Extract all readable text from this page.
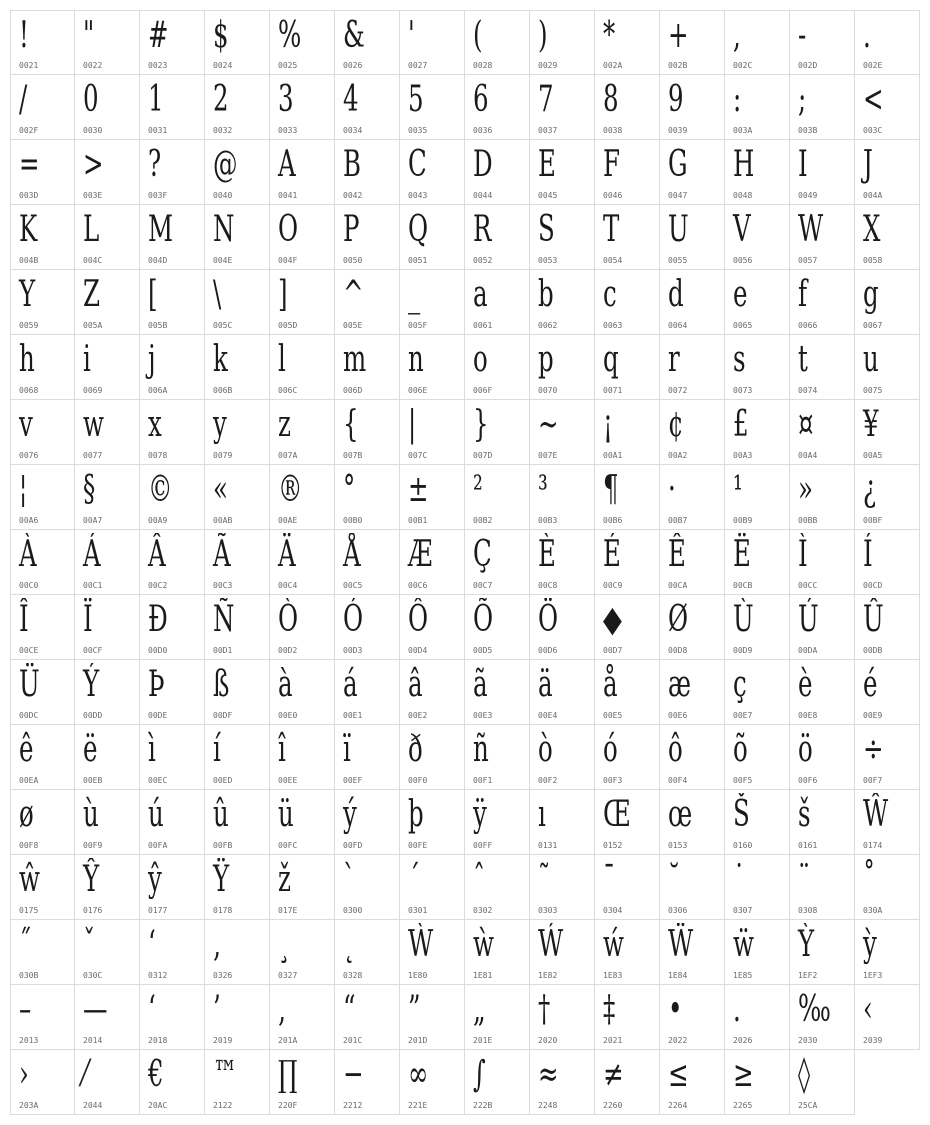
!
0021
"
0022
#
0023
$
0024
%
0025
&
0026
'
0027
(
0028
)
0029
*
002A
+
002B
,
002C
-
002D
.
002E
/
002F
0
0030
1
0031
2
0032
3
0033
4
0034
5
0035
6
0036
7
0037
8
0038
9
0039
:
003A
;
003B
<
003C
=
003D
>
003E
?
003F
@
0040
A
0041
B
0042
C
0043
D
0044
E
0045
F
0046
G
0047
H
0048
I
0049
J
004A
K
004B
L
004C
M
004D
N
004E
O
004F
P
0050
Q
0051
R
0052
S
0053
T
0054
U
0055
V
0056
W
0057
X
0058
Y
0059
Z
005A
[
005B
\
005C
]
005D
^
005E
_
005F
a
0061
b
0062
c
0063
d
0064
e
0065
f
0066
g
0067
h
0068
i
0069
j
006A
k
006B
l
006C
m
006D
n
006E
o
006F
p
0070
q
0071
r
0072
s
0073
t
0074
u
0075
v
0076
w
0077
x
0078
y
0079
z
007A
{
007B
|
007C
}
007D
~
007E
¡
00A1
¢
00A2
£
00A3
¤
00A4
¥
00A5
¦
00A6
§
00A7
©
00A9
«
00AB
®
00AE
°
00B0
±
00B1
²
00B2
³
00B3
¶
00B6
·
00B7
¹
00B9
»
00BB
¿
00BF
À
00C0
Á
00C1
Â
00C2
Ã
00C3
Ä
00C4
Å
00C5
Æ
00C6
Ç
00C7
È
00C8
É
00C9
Ê
00CA
Ë
00CB
Ì
00CC
Í
00CD
Î
00CE
Ï
00CF
Ð
00D0
Ñ
00D1
Ò
00D2
Ó
00D3
Ô
00D4
Õ
00D5
Ö
00D6
◆
00D7
Ø
00D8
Ù
00D9
Ú
00DA
Û
00DB
Ü
00DC
Ý
00DD
Þ
00DE
ß
00DF
à
00E0
á
00E1
â
00E2
ã
00E3
ä
00E4
å
00E5
æ
00E6
ç
00E7
è
00E8
é
00E9
ê
00EA
ë
00EB
ì
00EC
í
00ED
î
00EE
ï
00EF
ð
00F0
ñ
00F1
ò
00F2
ó
00F3
ô
00F4
õ
00F5
ö
00F6
÷
00F7
ø
00F8
ù
00F9
ú
00FA
û
00FB
ü
00FC
ý
00FD
þ
00FE
ÿ
00FF
ı
0131
Œ
0152
œ
0153
Š
0160
š
0161
Ŵ
0174
ŵ
0175
Ŷ
0176
ŷ
0177
Ÿ
0178
ž
017E
`
0300
´
0301
ˆ
0302
˜
0303
¯
0304
˘
0306
˙
0307
¨
0308
˚
030A
˝
030B
ˇ
030C
ʻ
0312
‚
0326
¸
0327
˛
0328
Ẁ
1E80
ẁ
1E81
Ẃ
1E82
ẃ
1E83
Ẅ
1E84
ẅ
1E85
Ỳ
1EF2
ỳ
1EF3
–
2013
—
2014
‘
2018
’
2019
‚
201A
“
201C
”
201D
„
201E
†
2020
‡
2021
•
2022
.
2026
‰
2030
‹
2039
›
203A
⁄
2044
€
20AC
™
2122
∏
220F
−
2212
∞
221E
∫
222B
≈
2248
≠
2260
≤
2264
≥
2265
◊
25CA
